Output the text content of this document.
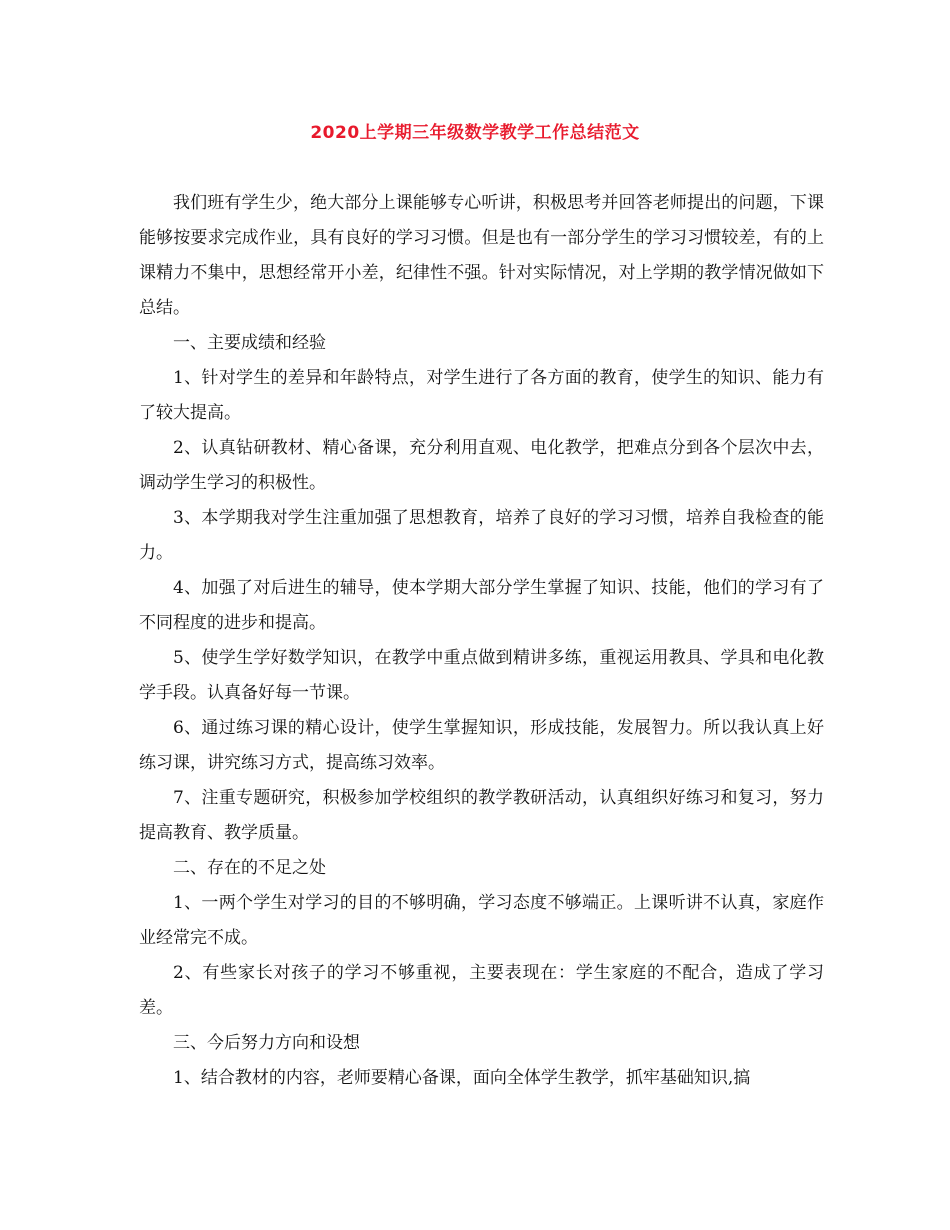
2020上学期三年级数学教学工作总结范文

我们班有学生少，绝大部分上课能够专心听讲，积极思考并回答老师提出的问题，下课能够按要求完成作业，具有良好的学习习惯。但是也有一部分学生的学习习惯较差，有的上课精力不集中，思想经常开小差，纪律性不强。针对实际情况，对上学期的教学情况做如下总结。

一、主要成绩和经验

1、针对学生的差异和年龄特点，对学生进行了各方面的教育，使学生的知识、能力有了较大提高。

2、认真钻研教材、精心备课，充分利用直观、电化教学，把难点分到各个层次中去，调动学生学习的积极性。

3、本学期我对学生注重加强了思想教育，培养了良好的学习习惯，培养自我检查的能力。

4、加强了对后进生的辅导，使本学期大部分学生掌握了知识、技能，他们的学习有了不同程度的进步和提高。

5、使学生学好数学知识，在教学中重点做到精讲多练，重视运用教具、学具和电化教学手段。认真备好每一节课。

6、通过练习课的精心设计，使学生掌握知识，形成技能，发展智力。所以我认真上好练习课，讲究练习方式，提高练习效率。

7、注重专题研究，积极参加学校组织的教学教研活动，认真组织好练习和复习，努力提高教育、教学质量。

二、存在的不足之处

1、一两个学生对学习的目的不够明确，学习态度不够端正。上课听讲不认真，家庭作业经常完不成。

2、有些家长对孩子的学习不够重视，主要表现在：学生家庭的不配合，造成了学习差。

三、今后努力方向和设想

1、结合教材的内容，老师要精心备课，面向全体学生教学，抓牢基础知识,搞
